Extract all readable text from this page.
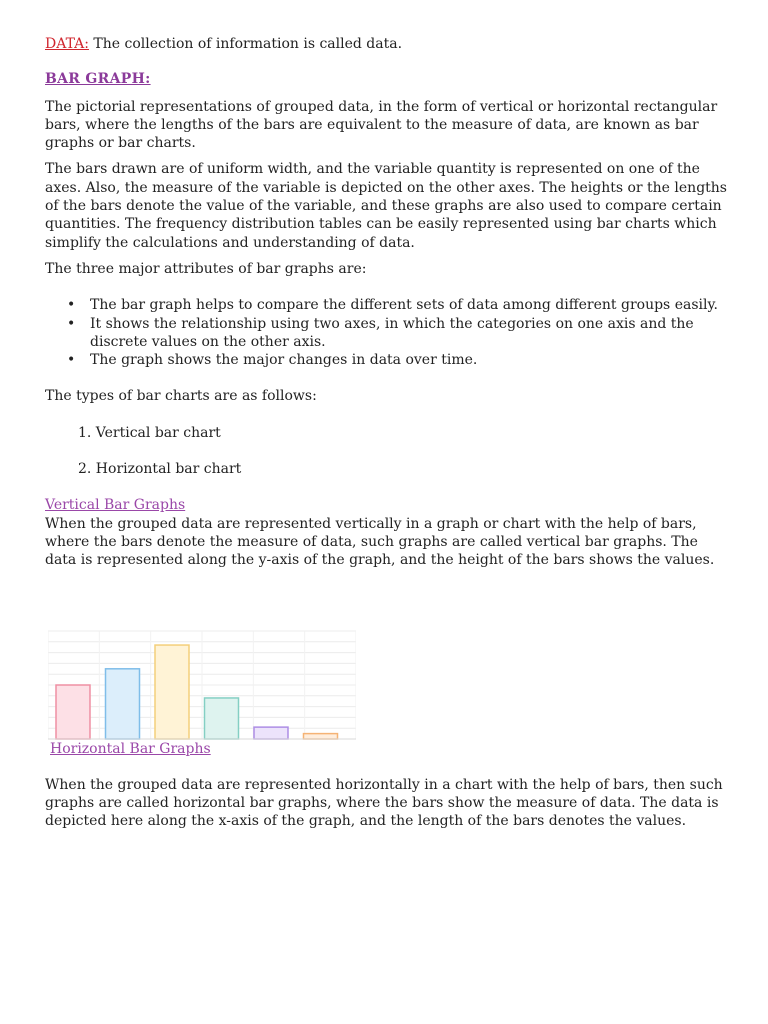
DATA: The collection of information is called data.

BAR GRAPH:

The pictorial representations of grouped data, in the form of vertical or horizontal rectangular bars, where the lengths of the bars are equivalent to the measure of data, are known as bar graphs or bar charts.

The bars drawn are of uniform width, and the variable quantity is represented on one of the axes. Also, the measure of the variable is depicted on the other axes. The heights or the lengths of the bars denote the value of the variable, and these graphs are also used to compare certain quantities. The frequency distribution tables can be easily represented using bar charts which simplify the calculations and understanding of data.

The three major attributes of bar graphs are:

• The bar graph helps to compare the different sets of data among different groups easily.
• It shows the relationship using two axes, in which the categories on one axis and the discrete values on the other axis.
• The graph shows the major changes in data over time.

The types of bar charts are as follows:

1. Vertical bar chart
2. Horizontal bar chart

Vertical Bar Graphs

When the grouped data are represented vertically in a graph or chart with the help of bars, where the bars denote the measure of data, such graphs are called vertical bar graphs. The data is represented along the y-axis of the graph, and the height of the bars shows the values.

Horizontal Bar Graphs

When the grouped data are represented horizontally in a chart with the help of bars, then such graphs are called horizontal bar graphs, where the bars show the measure of data. The data is depicted here along the x-axis of the graph, and the length of the bars denotes the values.
